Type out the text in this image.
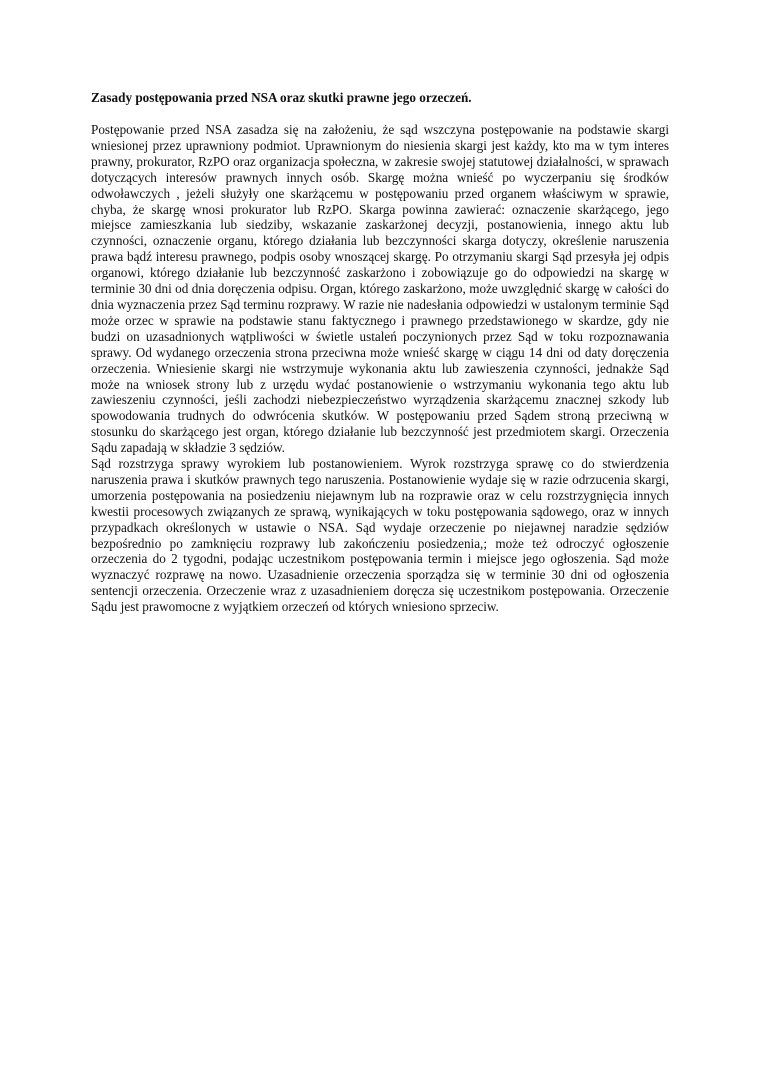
Zasady postępowania przed NSA oraz skutki prawne jego orzeczeń.

Postępowanie przed NSA zasadza się na założeniu, że sąd wszczyna postępowanie na podstawie skargi wniesionej przez uprawniony podmiot. Uprawnionym do niesienia skargi jest każdy, kto ma w tym interes prawny, prokurator, RzPO oraz organizacja społeczna, w zakresie swojej statutowej działalności, w sprawach dotyczących interesów prawnych innych osób. Skargę można wnieść po wyczerpaniu się środków odwoławczych , jeżeli służyły one skarżącemu w postępowaniu przed organem właściwym w sprawie, chyba, że skargę wnosi prokurator lub RzPO. Skarga powinna zawierać: oznaczenie skarżącego, jego miejsce zamieszkania lub siedziby, wskazanie zaskarżonej decyzji, postanowienia, innego aktu lub czynności, oznaczenie organu, którego działania lub bezczynności skarga dotyczy, określenie naruszenia prawa bądź interesu prawnego, podpis osoby wnoszącej skargę. Po otrzymaniu skargi Sąd przesyła jej odpis organowi, którego działanie lub bezczynność zaskarżono i zobowiązuje go do odpowiedzi na skargę w terminie 30 dni od dnia doręczenia odpisu. Organ, którego zaskarżono, może uwzględnić skargę w całości do dnia wyznaczenia przez Sąd terminu rozprawy. W razie nie nadesłania odpowiedzi w ustalonym terminie Sąd może orzec w sprawie na podstawie stanu faktycznego i prawnego przedstawionego w skardze, gdy nie budzi on uzasadnionych wątpliwości w świetle ustaleń poczynionych przez Sąd w toku rozpoznawania sprawy. Od wydanego orzeczenia strona przeciwna może wnieść skargę w ciągu 14 dni od daty doręczenia orzeczenia. Wniesienie skargi nie wstrzymuje wykonania aktu lub zawieszenia czynności, jednakże Sąd może na wniosek strony lub z urzędu wydać postanowienie o wstrzymaniu wykonania tego aktu lub zawieszeniu czynności, jeśli zachodzi niebezpieczeństwo wyrządzenia skarżącemu znacznej szkody lub spowodowania trudnych do odwrócenia skutków. W postępowaniu przed Sądem stroną przeciwną w stosunku do skarżącego jest organ, którego działanie lub bezczynność jest przedmiotem skargi. Orzeczenia Sądu zapadają w składzie 3 sędziów.

Sąd rozstrzyga sprawy wyrokiem lub postanowieniem. Wyrok rozstrzyga sprawę co do stwierdzenia naruszenia prawa i skutków prawnych tego naruszenia. Postanowienie wydaje się w razie odrzucenia skargi, umorzenia postępowania na posiedzeniu niejawnym lub na rozprawie oraz w celu rozstrzygnięcia innych kwestii procesowych związanych ze sprawą, wynikających w toku postępowania sądowego, oraz w innych przypadkach określonych w ustawie o NSA. Sąd wydaje orzeczenie po niejawnej naradzie sędziów bezpośrednio po zamknięciu rozprawy lub zakończeniu posiedzenia,; może też odroczyć ogłoszenie orzeczenia do 2 tygodni, podając uczestnikom postępowania termin i miejsce jego ogłoszenia. Sąd może wyznaczyć rozprawę na nowo. Uzasadnienie orzeczenia sporządza się w terminie 30 dni od ogłoszenia sentencji orzeczenia. Orzeczenie wraz z uzasadnieniem doręcza się uczestnikom postępowania. Orzeczenie Sądu jest prawomocne z wyjątkiem orzeczeń od których wniesiono sprzeciw.
